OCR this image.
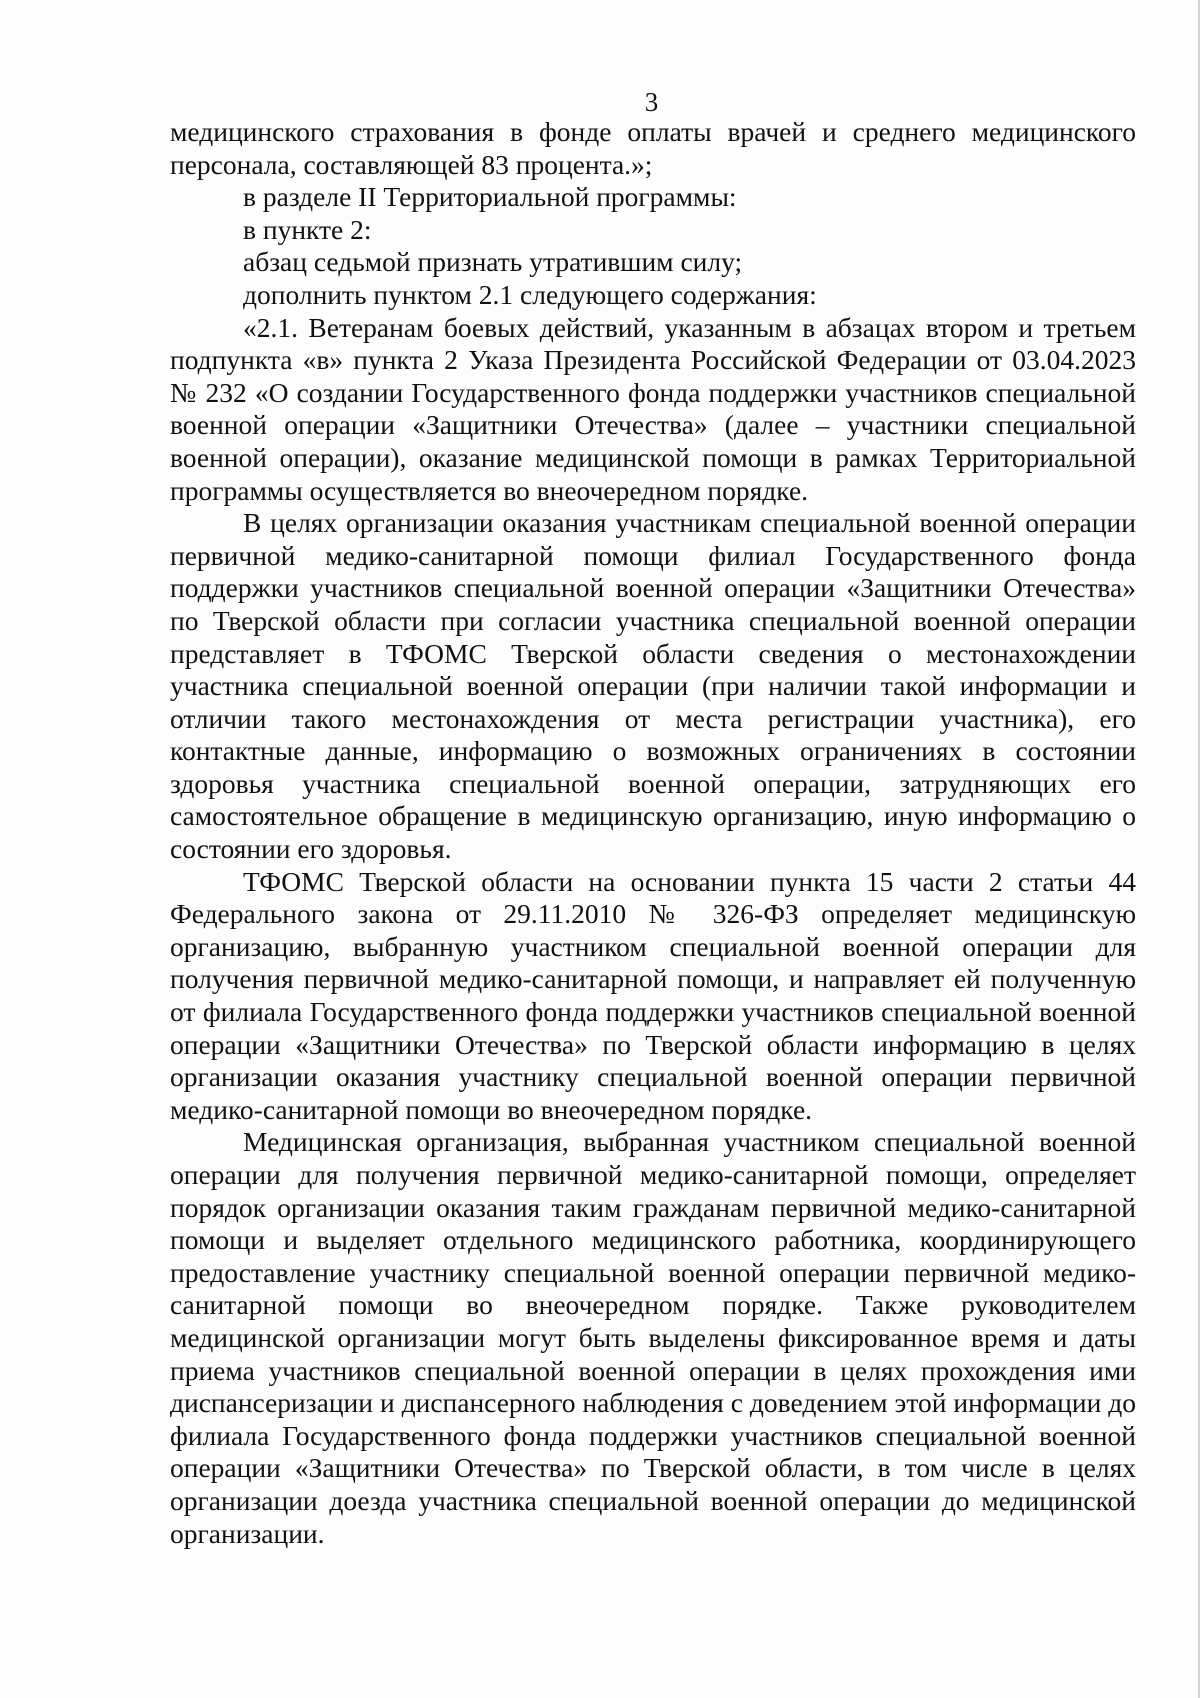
3

медицинского страхования в фонде оплаты врачей и среднего медицинского персонала, составляющей 83 процента.»;

в разделе II Территориальной программы:

в пункте 2:

абзац седьмой признать утратившим силу;

дополнить пунктом 2.1 следующего содержания:

«2.1. Ветеранам боевых действий, указанным в абзацах втором и третьем подпункта «в» пункта 2 Указа Президента Российской Федерации от 03.04.2023 № 232 «О создании Государственного фонда поддержки участников специальной военной операции «Защитники Отечества» (далее – участники специальной военной операции), оказание медицинской помощи в рамках Территориальной программы осуществляется во внеочередном порядке.

В целях организации оказания участникам специальной военной операции первичной медико-санитарной помощи филиал Государственного фонда поддержки участников специальной военной операции «Защитники Отечества» по Тверской области при согласии участника специальной военной операции представляет в ТФОМС Тверской области сведения о местонахождении участника специальной военной операции (при наличии такой информации и отличии такого местонахождения от места регистрации участника), его контактные данные, информацию о возможных ограничениях в состоянии здоровья участника специальной военной операции, затрудняющих его самостоятельное обращение в медицинскую организацию, иную информацию о состоянии его здоровья.

ТФОМС Тверской области на основании пункта 15 части 2 статьи 44 Федерального закона от 29.11.2010 № 326-ФЗ определяет медицинскую организацию, выбранную участником специальной военной операции для получения первичной медико-санитарной помощи, и направляет ей полученную от филиала Государственного фонда поддержки участников специальной военной операции «Защитники Отечества» по Тверской области информацию в целях организации оказания участнику специальной военной операции первичной медико-санитарной помощи во внеочередном порядке.

Медицинская организация, выбранная участником специальной военной операции для получения первичной медико-санитарной помощи, определяет порядок организации оказания таким гражданам первичной медико-санитарной помощи и выделяет отдельного медицинского работника, координирующего предоставление участнику специальной военной операции первичной медико-санитарной помощи во внеочередном порядке. Также руководителем медицинской организации могут быть выделены фиксированное время и даты приема участников специальной военной операции в целях прохождения ими диспансеризации и диспансерного наблюдения с доведением этой информации до филиала Государственного фонда поддержки участников специальной военной операции «Защитники Отечества» по Тверской области, в том числе в целях организации доезда участника специальной военной операции до медицинской организации.
